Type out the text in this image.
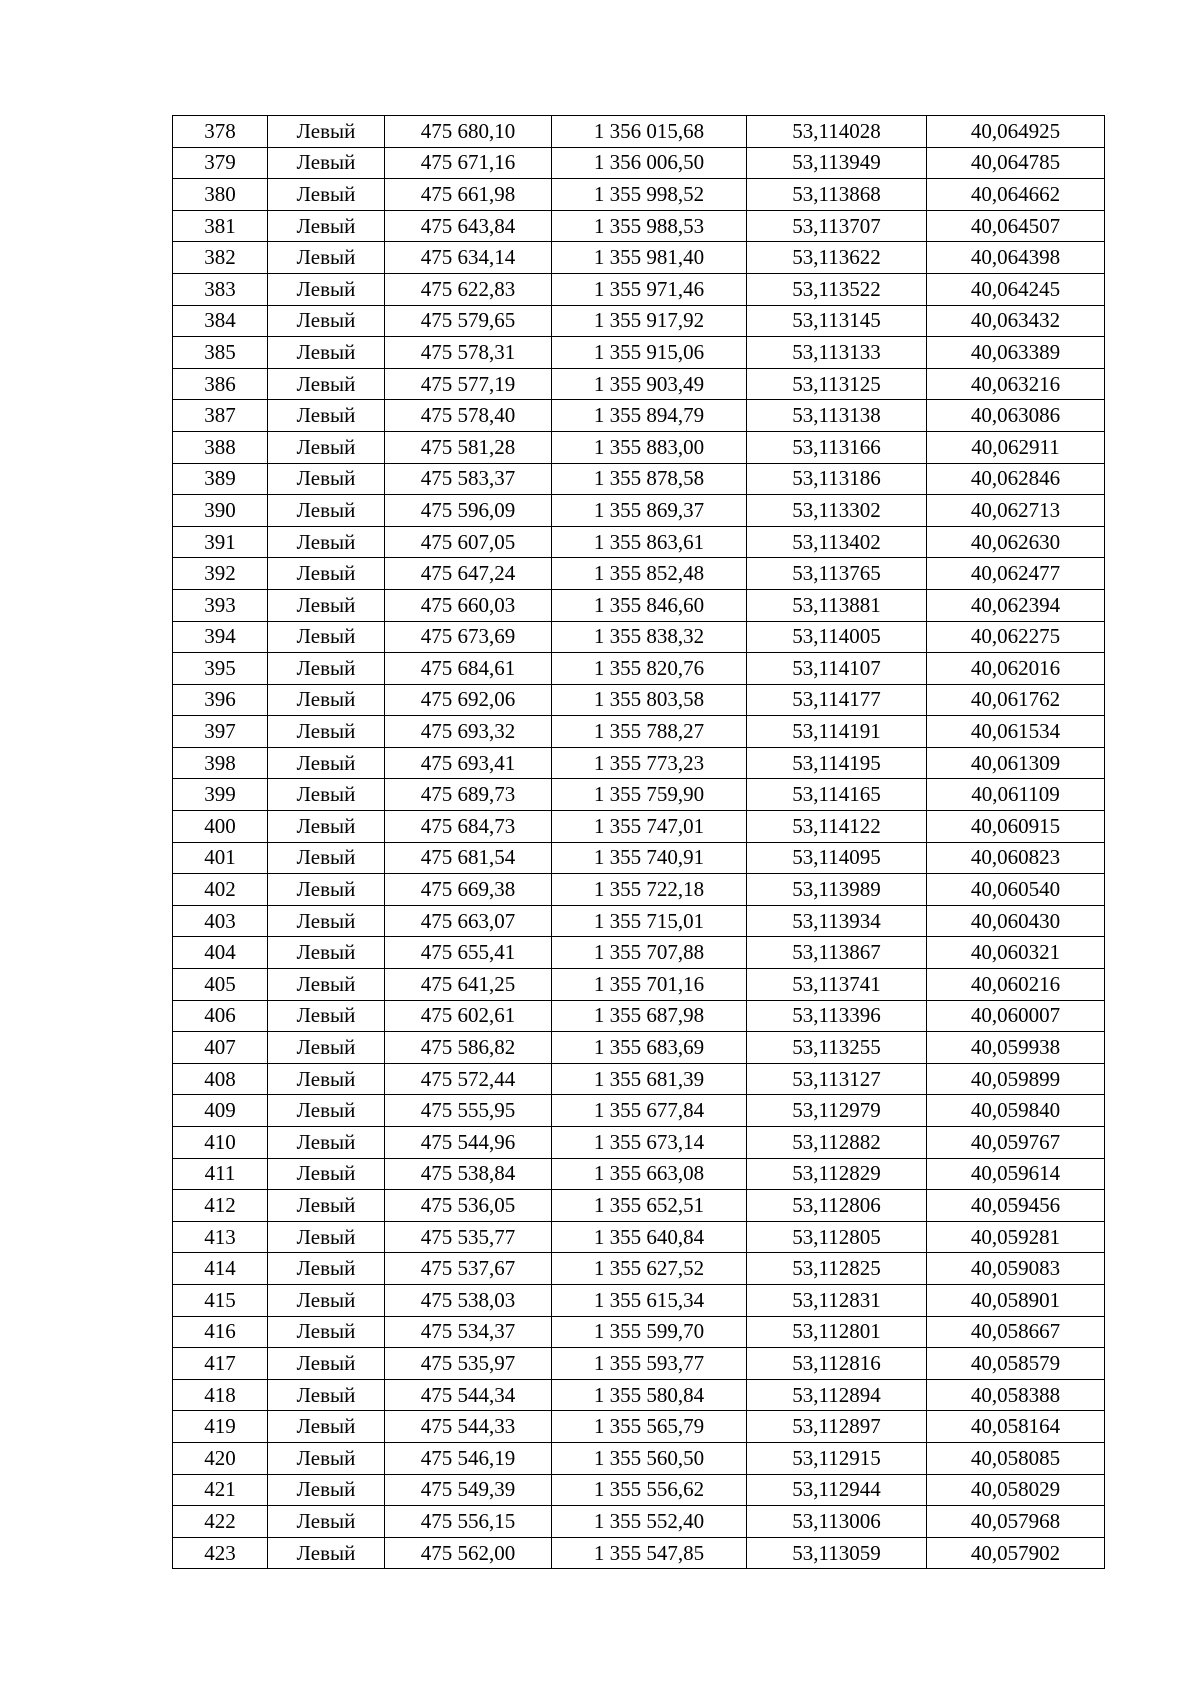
378	Левый	475 680,10	1 356 015,68	53,114028	40,064925
379	Левый	475 671,16	1 356 006,50	53,113949	40,064785
380	Левый	475 661,98	1 355 998,52	53,113868	40,064662
381	Левый	475 643,84	1 355 988,53	53,113707	40,064507
382	Левый	475 634,14	1 355 981,40	53,113622	40,064398
383	Левый	475 622,83	1 355 971,46	53,113522	40,064245
384	Левый	475 579,65	1 355 917,92	53,113145	40,063432
385	Левый	475 578,31	1 355 915,06	53,113133	40,063389
386	Левый	475 577,19	1 355 903,49	53,113125	40,063216
387	Левый	475 578,40	1 355 894,79	53,113138	40,063086
388	Левый	475 581,28	1 355 883,00	53,113166	40,062911
389	Левый	475 583,37	1 355 878,58	53,113186	40,062846
390	Левый	475 596,09	1 355 869,37	53,113302	40,062713
391	Левый	475 607,05	1 355 863,61	53,113402	40,062630
392	Левый	475 647,24	1 355 852,48	53,113765	40,062477
393	Левый	475 660,03	1 355 846,60	53,113881	40,062394
394	Левый	475 673,69	1 355 838,32	53,114005	40,062275
395	Левый	475 684,61	1 355 820,76	53,114107	40,062016
396	Левый	475 692,06	1 355 803,58	53,114177	40,061762
397	Левый	475 693,32	1 355 788,27	53,114191	40,061534
398	Левый	475 693,41	1 355 773,23	53,114195	40,061309
399	Левый	475 689,73	1 355 759,90	53,114165	40,061109
400	Левый	475 684,73	1 355 747,01	53,114122	40,060915
401	Левый	475 681,54	1 355 740,91	53,114095	40,060823
402	Левый	475 669,38	1 355 722,18	53,113989	40,060540
403	Левый	475 663,07	1 355 715,01	53,113934	40,060430
404	Левый	475 655,41	1 355 707,88	53,113867	40,060321
405	Левый	475 641,25	1 355 701,16	53,113741	40,060216
406	Левый	475 602,61	1 355 687,98	53,113396	40,060007
407	Левый	475 586,82	1 355 683,69	53,113255	40,059938
408	Левый	475 572,44	1 355 681,39	53,113127	40,059899
409	Левый	475 555,95	1 355 677,84	53,112979	40,059840
410	Левый	475 544,96	1 355 673,14	53,112882	40,059767
411	Левый	475 538,84	1 355 663,08	53,112829	40,059614
412	Левый	475 536,05	1 355 652,51	53,112806	40,059456
413	Левый	475 535,77	1 355 640,84	53,112805	40,059281
414	Левый	475 537,67	1 355 627,52	53,112825	40,059083
415	Левый	475 538,03	1 355 615,34	53,112831	40,058901
416	Левый	475 534,37	1 355 599,70	53,112801	40,058667
417	Левый	475 535,97	1 355 593,77	53,112816	40,058579
418	Левый	475 544,34	1 355 580,84	53,112894	40,058388
419	Левый	475 544,33	1 355 565,79	53,112897	40,058164
420	Левый	475 546,19	1 355 560,50	53,112915	40,058085
421	Левый	475 549,39	1 355 556,62	53,112944	40,058029
422	Левый	475 556,15	1 355 552,40	53,113006	40,057968
423	Левый	475 562,00	1 355 547,85	53,113059	40,057902
